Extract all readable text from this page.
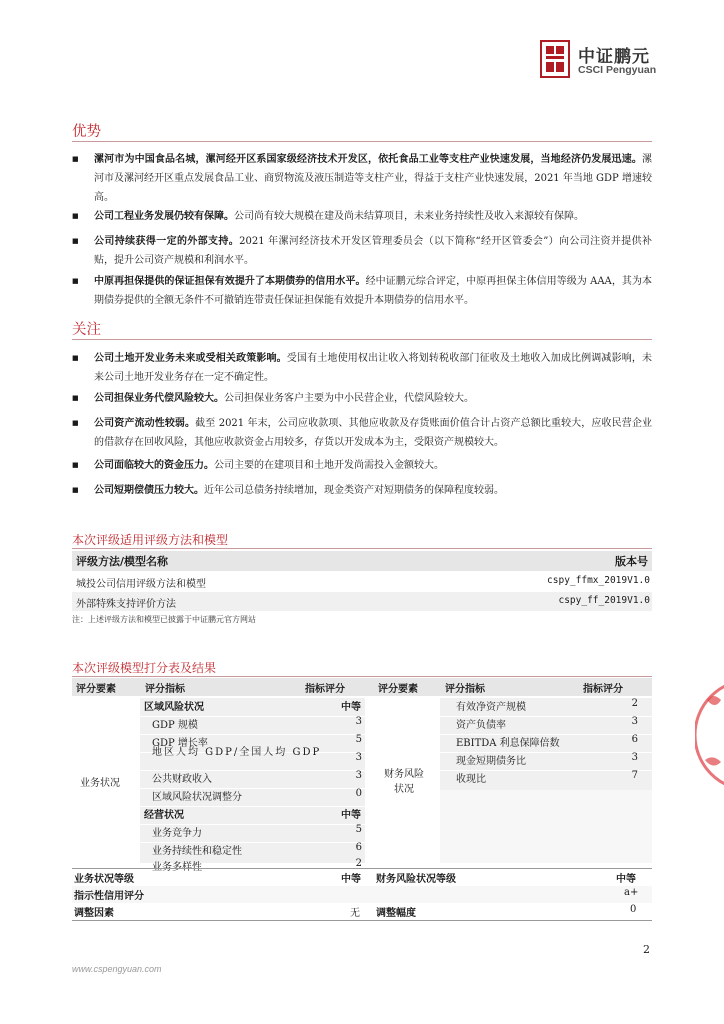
中证鹏元
CSCI Pengyuan
优势
■ 漯河市为中国食品名城，漯河经开区系国家级经济技术开发区，依托食品工业等支柱产业快速发展，当地经济仍发展迅速。漯河市及漯河经开区重点发展食品工业、商贸物流及液压制造等支柱产业，得益于支柱产业快速发展，2021 年当地 GDP 增速较高。
■ 公司工程业务发展仍较有保障。公司尚有较大规模在建及尚未结算项目，未来业务持续性及收入来源较有保障。
■ 公司持续获得一定的外部支持。2021 年漯河经济技术开发区管理委员会（以下简称“经开区管委会”）向公司注资并提供补贴，提升公司资产规模和利润水平。
■ 中原再担保提供的保证担保有效提升了本期债券的信用水平。经中证鹏元综合评定，中原再担保主体信用等级为 AAA，其为本期债券提供的全额无条件不可撤销连带责任保证担保能有效提升本期债券的信用水平。
关注
■ 公司土地开发业务未来或受相关政策影响。受国有土地使用权出让收入将划转税收部门征收及土地收入加成比例调减影响，未来公司土地开发业务存在一定不确定性。
■ 公司担保业务代偿风险较大。公司担保业务客户主要为中小民营企业，代偿风险较大。
■ 公司资产流动性较弱。截至 2021 年末，公司应收款项、其他应收款及存货账面价值合计占资产总额比重较大，应收民营企业的借款存在回收风险，其他应收款资金占用较多，存货以开发成本为主，受限资产规模较大。
■ 公司面临较大的资金压力。公司主要的在建项目和土地开发尚需投入金额较大。
■ 公司短期偿债压力较大。近年公司总债务持续增加，现金类资产对短期债务的保障程度较弱。
本次评级适用评级方法和模型
评级方法/模型名称	版本号
城投公司信用评级方法和模型	cspy_ffmx_2019V1.0
外部特殊支持评价方法	cspy_ff_2019V1.0
注：上述评级方法和模型已披露于中证鹏元官方网站
本次评级模型打分表及结果
评分要素	评分指标	指标评分	评分要素	评分指标	指标评分
业务状况
财务风险状况
区域风险状况	中等
GDP 规模	3
GDP 增长率	5
地区人均 GDP/全国人均 GDP	3
公共财政收入	3
区域风险状况调整分	0
经营状况	中等
业务竞争力	5
业务持续性和稳定性	6
业务多样性	2
有效净资产规模	2
资产负债率	3
EBITDA 利息保障倍数	6
现金短期债务比	3
收现比	7
业务状况等级	中等 财务风险状况等级	中等
指示性信用评分	a+
调整因素	无 调整幅度	0
2
www.cspengyuan.com
